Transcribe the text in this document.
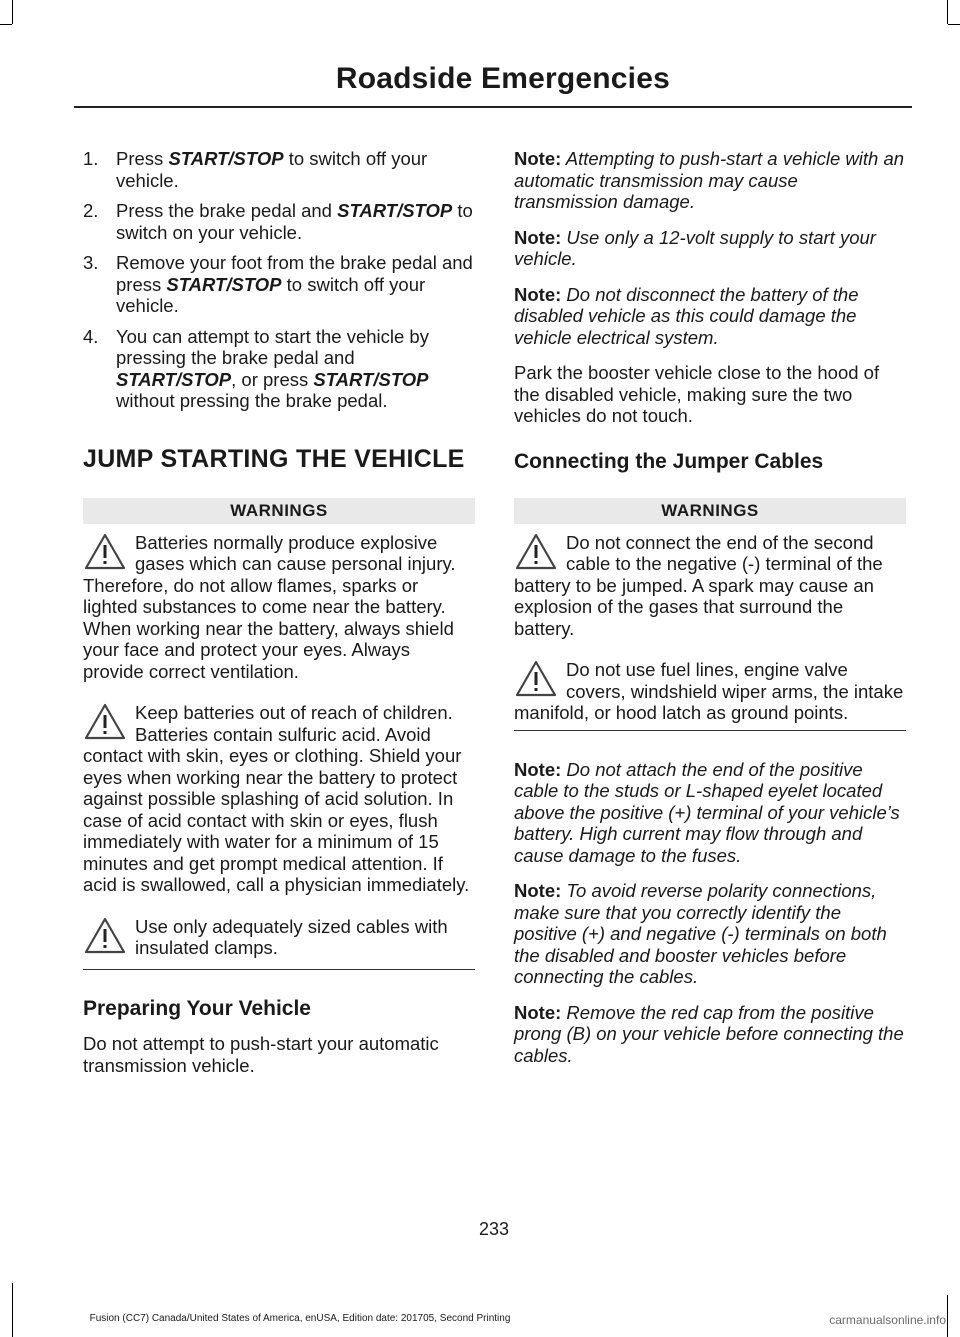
Roadside Emergencies
1. Press START/STOP to switch off your vehicle.
2. Press the brake pedal and START/STOP to switch on your vehicle.
3. Remove your foot from the brake pedal and press START/STOP to switch off your vehicle.
4. You can attempt to start the vehicle by pressing the brake pedal and START/STOP, or press START/STOP without pressing the brake pedal.
JUMP STARTING THE VEHICLE
WARNINGS
Batteries normally produce explosive gases which can cause personal injury. Therefore, do not allow flames, sparks or lighted substances to come near the battery. When working near the battery, always shield your face and protect your eyes. Always provide correct ventilation.
Keep batteries out of reach of children. Batteries contain sulfuric acid. Avoid contact with skin, eyes or clothing. Shield your eyes when working near the battery to protect against possible splashing of acid solution. In case of acid contact with skin or eyes, flush immediately with water for a minimum of 15 minutes and get prompt medical attention. If acid is swallowed, call a physician immediately.
Use only adequately sized cables with insulated clamps.
Preparing Your Vehicle

Do not attempt to push-start your automatic transmission vehicle.

Note: Attempting to push-start a vehicle with an automatic transmission may cause transmission damage.

Note: Use only a 12-volt supply to start your vehicle.

Note: Do not disconnect the battery of the disabled vehicle as this could damage the vehicle electrical system.

Park the booster vehicle close to the hood of the disabled vehicle, making sure the two vehicles do not touch.

Connecting the Jumper Cables
WARNINGS
Do not connect the end of the second cable to the negative (-) terminal of the battery to be jumped. A spark may cause an explosion of the gases that surround the battery.
Do not use fuel lines, engine valve covers, windshield wiper arms, the intake manifold, or hood latch as ground points.

Note: Do not attach the end of the positive cable to the studs or L-shaped eyelet located above the positive (+) terminal of your vehicle’s battery. High current may flow through and cause damage to the fuses.

Note: To avoid reverse polarity connections, make sure that you correctly identify the positive (+) and negative (-) terminals on both the disabled and booster vehicles before connecting the cables.

Note: Remove the red cap from the positive prong (B) on your vehicle before connecting the cables.

233
Fusion (CC7) Canada/United States of America, enUSA, Edition date: 201705, Second Printing	carmanualsonline.info
